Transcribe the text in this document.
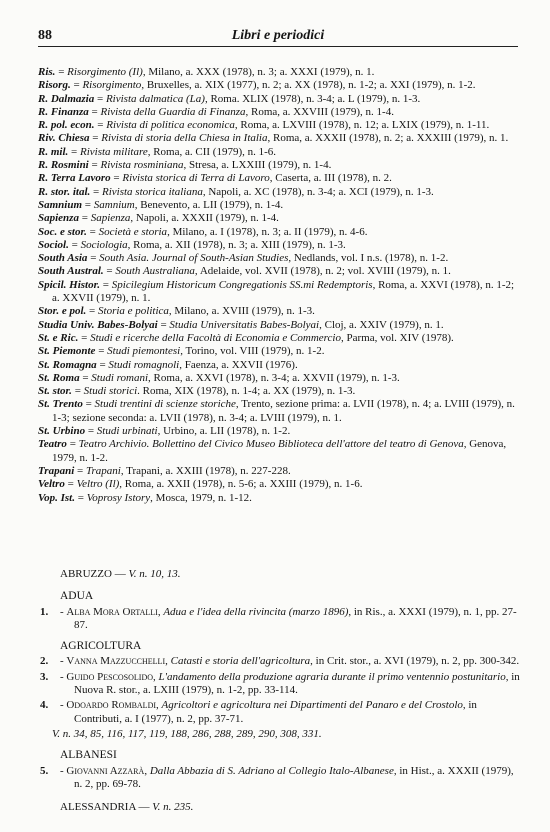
88	Libri e periodici
Ris. = Risorgimento (Il), Milano, a. XXX (1978), n. 3; a. XXXI (1979), n. 1.
Risorg. = Risorgimento, Bruxelles, a. XIX (1977), n. 2; a. XX (1978), n. 1-2; a. XXI (1979), n. 1-2.
R. Dalmazia = Rivista dalmatica (La), Roma. XLIX (1978), n. 3-4; a. L (1979), n. 1-3.
R. Finanza = Rivista della Guardia di Finanza, Roma, a. XXVIII (1979), n. 1-4.
R. pol. econ. = Rivista di politica economica, Roma, a. LXVIII (1978), n. 12; a. LXIX (1979), n. 1-11.
Riv. Chiesa = Rivista di storia della Chiesa in Italia, Roma, a. XXXII (1978), n. 2; a. XXXIII (1979), n. 1.
R. mil. = Rivista militare, Roma, a. CII (1979), n. 1-6.
R. Rosmini = Rivista rosminiana, Stresa, a. LXXIII (1979), n. 1-4.
R. Terra Lavoro = Rivista storica di Terra di Lavoro, Caserta, a. III (1978), n. 2.
R. stor. ital. = Rivista storica italiana, Napoli, a. XC (1978), n. 3-4; a. XCI (1979), n. 1-3.
Samnium = Samnium, Benevento, a. LII (1979), n. 1-4.
Sapienza = Sapienza, Napoli, a. XXXII (1979), n. 1-4.
Soc. e stor. = Società e storia, Milano, a. I (1978), n. 3; a. II (1979), n. 4-6.
Sociol. = Sociologia, Roma, a. XII (1978), n. 3; a. XIII (1979), n. 1-3.
South Asia = South Asia. Journal of South-Asian Studies, Nedlands, vol. I n.s. (1978), n. 1-2.
South Austral. = South Australiana, Adelaide, vol. XVII (1978), n. 2; vol. XVIII (1979), n. 1.
Spicil. Histor. = Spicilegium Historicum Congregationis SS.mi Redemptoris, Roma, a. XXVI (1978), n. 1-2; a. XXVII (1979), n. 1.
Stor. e pol. = Storia e politica, Milano, a. XVIII (1979), n. 1-3.
Studia Univ. Babes-Bolyai = Studia Universitatis Babes-Bolyai, Cloj, a. XXIV (1979), n. 1.
St. e Ric. = Studi e ricerche della Facoltà di Economia e Commercio, Parma, vol. XIV (1978).
St. Piemonte = Studi piemontesi, Torino, vol. VIII (1979), n. 1-2.
St. Romagna = Studi romagnoli, Faenza, a. XXVII (1976).
St. Roma = Studi romani, Roma, a. XXVI (1978), n. 3-4; a. XXVII (1979), n. 1-3.
St. stor. = Studi storici. Roma, XIX (1978), n. 1-4; a. XX (1979), n. 1-3.
St. Trento = Studi trentini di scienze storiche, Trento, sezione prima: a. LVII (1978), n. 4; a. LVIII (1979), n. 1-3; sezione seconda: a. LVII (1978), n. 3-4; a. LVIII (1979), n. 1.
St. Urbino = Studi urbinati, Urbino, a. LII (1978), n. 1-2.
Teatro = Teatro Archivio. Bollettino del Civico Museo Biblioteca dell'attore del teatro di Genova, Genova, 1979, n. 1-2.
Trapani = Trapani, Trapani, a. XXIII (1978), n. 227-228.
Veltro = Veltro (Il), Roma, a. XXII (1978), n. 5-6; a. XXIII (1979), n. 1-6.
Vop. Ist. = Voprosy Istory, Mosca, 1979, n. 1-12.
ABRUZZO — V. n. 10, 13.
ADUA
1. - Alba Mora Ortalli, Adua e l'idea della rivincita (marzo 1896), in Ris., a. XXXI (1979), n. 1, pp. 27-87.
AGRICOLTURA
2. - Vanna Mazzucchelli, Catasti e storia dell'agricoltura, in Crit. stor., a. XVI (1979), n. 2, pp. 300-342.
3. - Guido Pescosolido, L'andamento della produzione agraria durante il primo ventennio postunitario, in Nuova R. stor., a. LXIII (1979), n. 1-2, pp. 33-114.
4. - Odoardo Rombaldi, Agricoltori e agricoltura nei Dipartimenti del Panaro e del Crostolo, in Contributi, a. I (1977), n. 2, pp. 37-71.
V. n. 34, 85, 116, 117, 119, 188, 286, 288, 289, 290, 308, 331.
ALBANESI
5. - Giovanni Azzarà, Dalla Abbazia di S. Adriano al Collegio Italo-Albanese, in Hist., a. XXXII (1979), n. 2, pp. 69-78.
ALESSANDRIA — V. n. 235.
